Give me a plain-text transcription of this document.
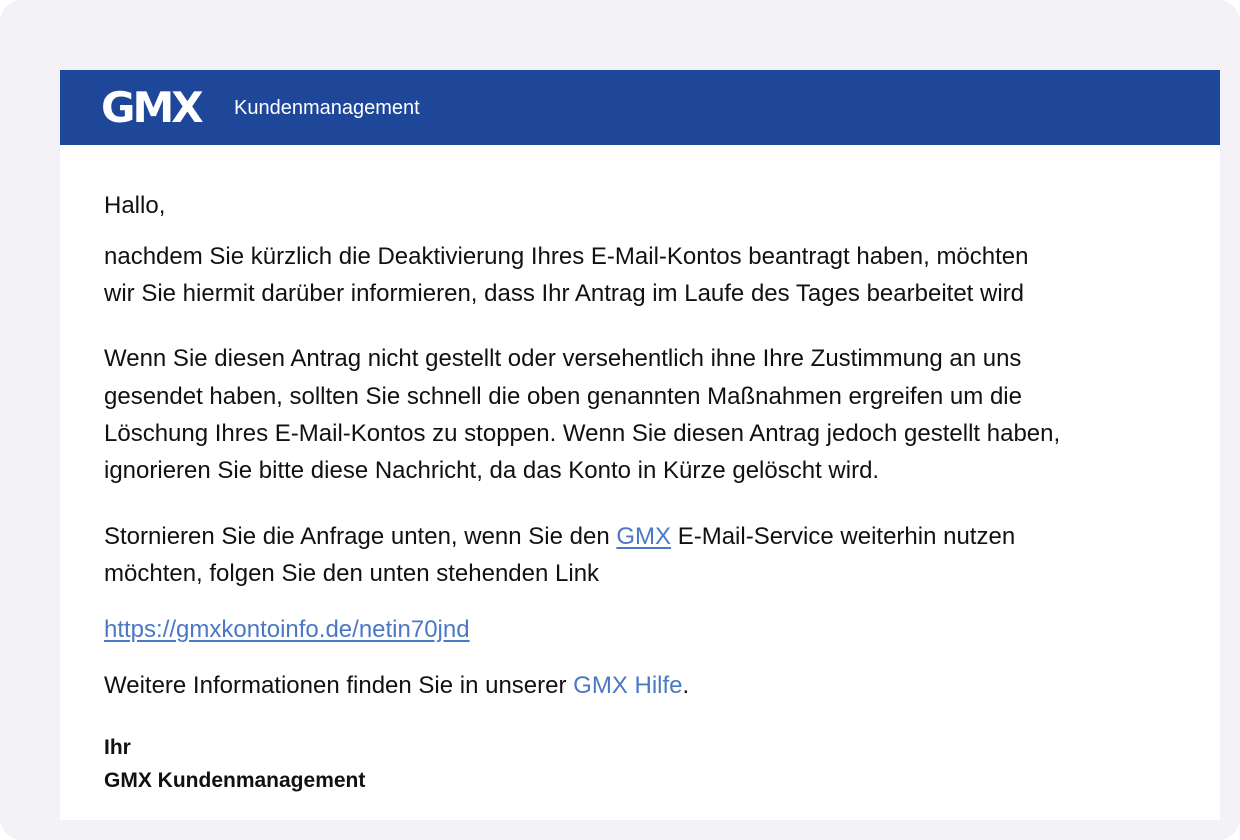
GMX Kundenmanagement

Hallo,

nachdem Sie kürzlich die Deaktivierung Ihres E-Mail-Kontos beantragt haben, möchten

wir Sie hiermit darüber informieren, dass Ihr Antrag im Laufe des Tages bearbeitet wird

Wenn Sie diesen Antrag nicht gestellt oder versehentlich ihne Ihre Zustimmung an uns

gesendet haben, sollten Sie schnell die oben genannten Maßnahmen ergreifen um die

Löschung Ihres E-Mail-Kontos zu stoppen. Wenn Sie diesen Antrag jedoch gestellt haben,

ignorieren Sie bitte diese Nachricht, da das Konto in Kürze gelöscht wird.

Stornieren Sie die Anfrage unten, wenn Sie den GMX E-Mail-Service weiterhin nutzen

möchten, folgen Sie den unten stehenden Link

https://gmxkontoinfo.de/netin70jnd

Weitere Informationen finden Sie in unserer GMX Hilfe.

Ihr

GMX Kundenmanagement
